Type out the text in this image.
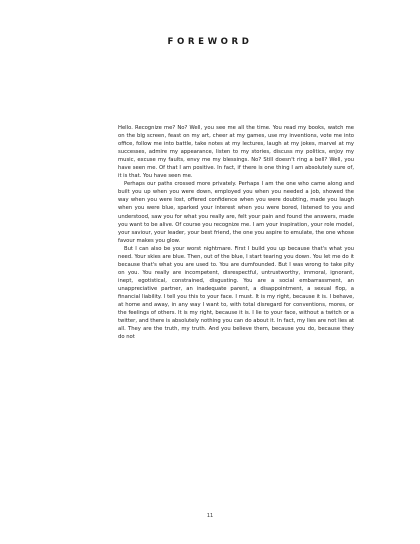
FOREWORD

Hello. Recognize me? No? Well, you see me all the time. You read my books, watch me on the big screen, feast on my art, cheer at my games, use my inventions, vote me into office, follow me into battle, take notes at my lectures, laugh at my jokes, marvel at my successes, admire my appearance, listen to my stories, discuss my politics, enjoy my music, excuse my faults, envy me my blessings. No? Still doesn't ring a bell? Well, you have seen me. Of that I am positive. In fact, if there is one thing I am absolutely sure of, it is that. You have seen me.

Perhaps our paths crossed more privately. Perhaps I am the one who came along and built you up when you were down, employed you when you needed a job, showed the way when you were lost, offered confidence when you were doubting, made you laugh when you were blue, sparked your interest when you were bored, listened to you and understood, saw you for what you really are, felt your pain and found the answers, made you want to be alive. Of course you recognize me. I am your inspiration, your role model, your saviour, your leader, your best friend, the one you aspire to emulate, the one whose favour makes you glow.

But I can also be your worst nightmare. First I build you up because that's what you need. Your skies are blue. Then, out of the blue, I start tearing you down. You let me do it because that's what you are used to. You are dumfounded. But I was wrong to take pity on you. You really are incompetent, disrespectful, untrustworthy, immoral, ignorant, inept, egotistical, constrained, disgusting. You are a social embarrassment, an unappreciative partner, an inadequate parent, a disappointment, a sexual flop, a financial liability. I tell you this to your face. I must. It is my right, because it is. I behave, at home and away, in any way I want to, with total disregard for conventions, mores, or the feelings of others. It is my right, because it is. I lie to your face, without a twitch or a twitter, and there is absolutely nothing you can do about it. In fact, my lies are not lies at all. They are the truth, my truth. And you believe them, because you do, because they do not

11
